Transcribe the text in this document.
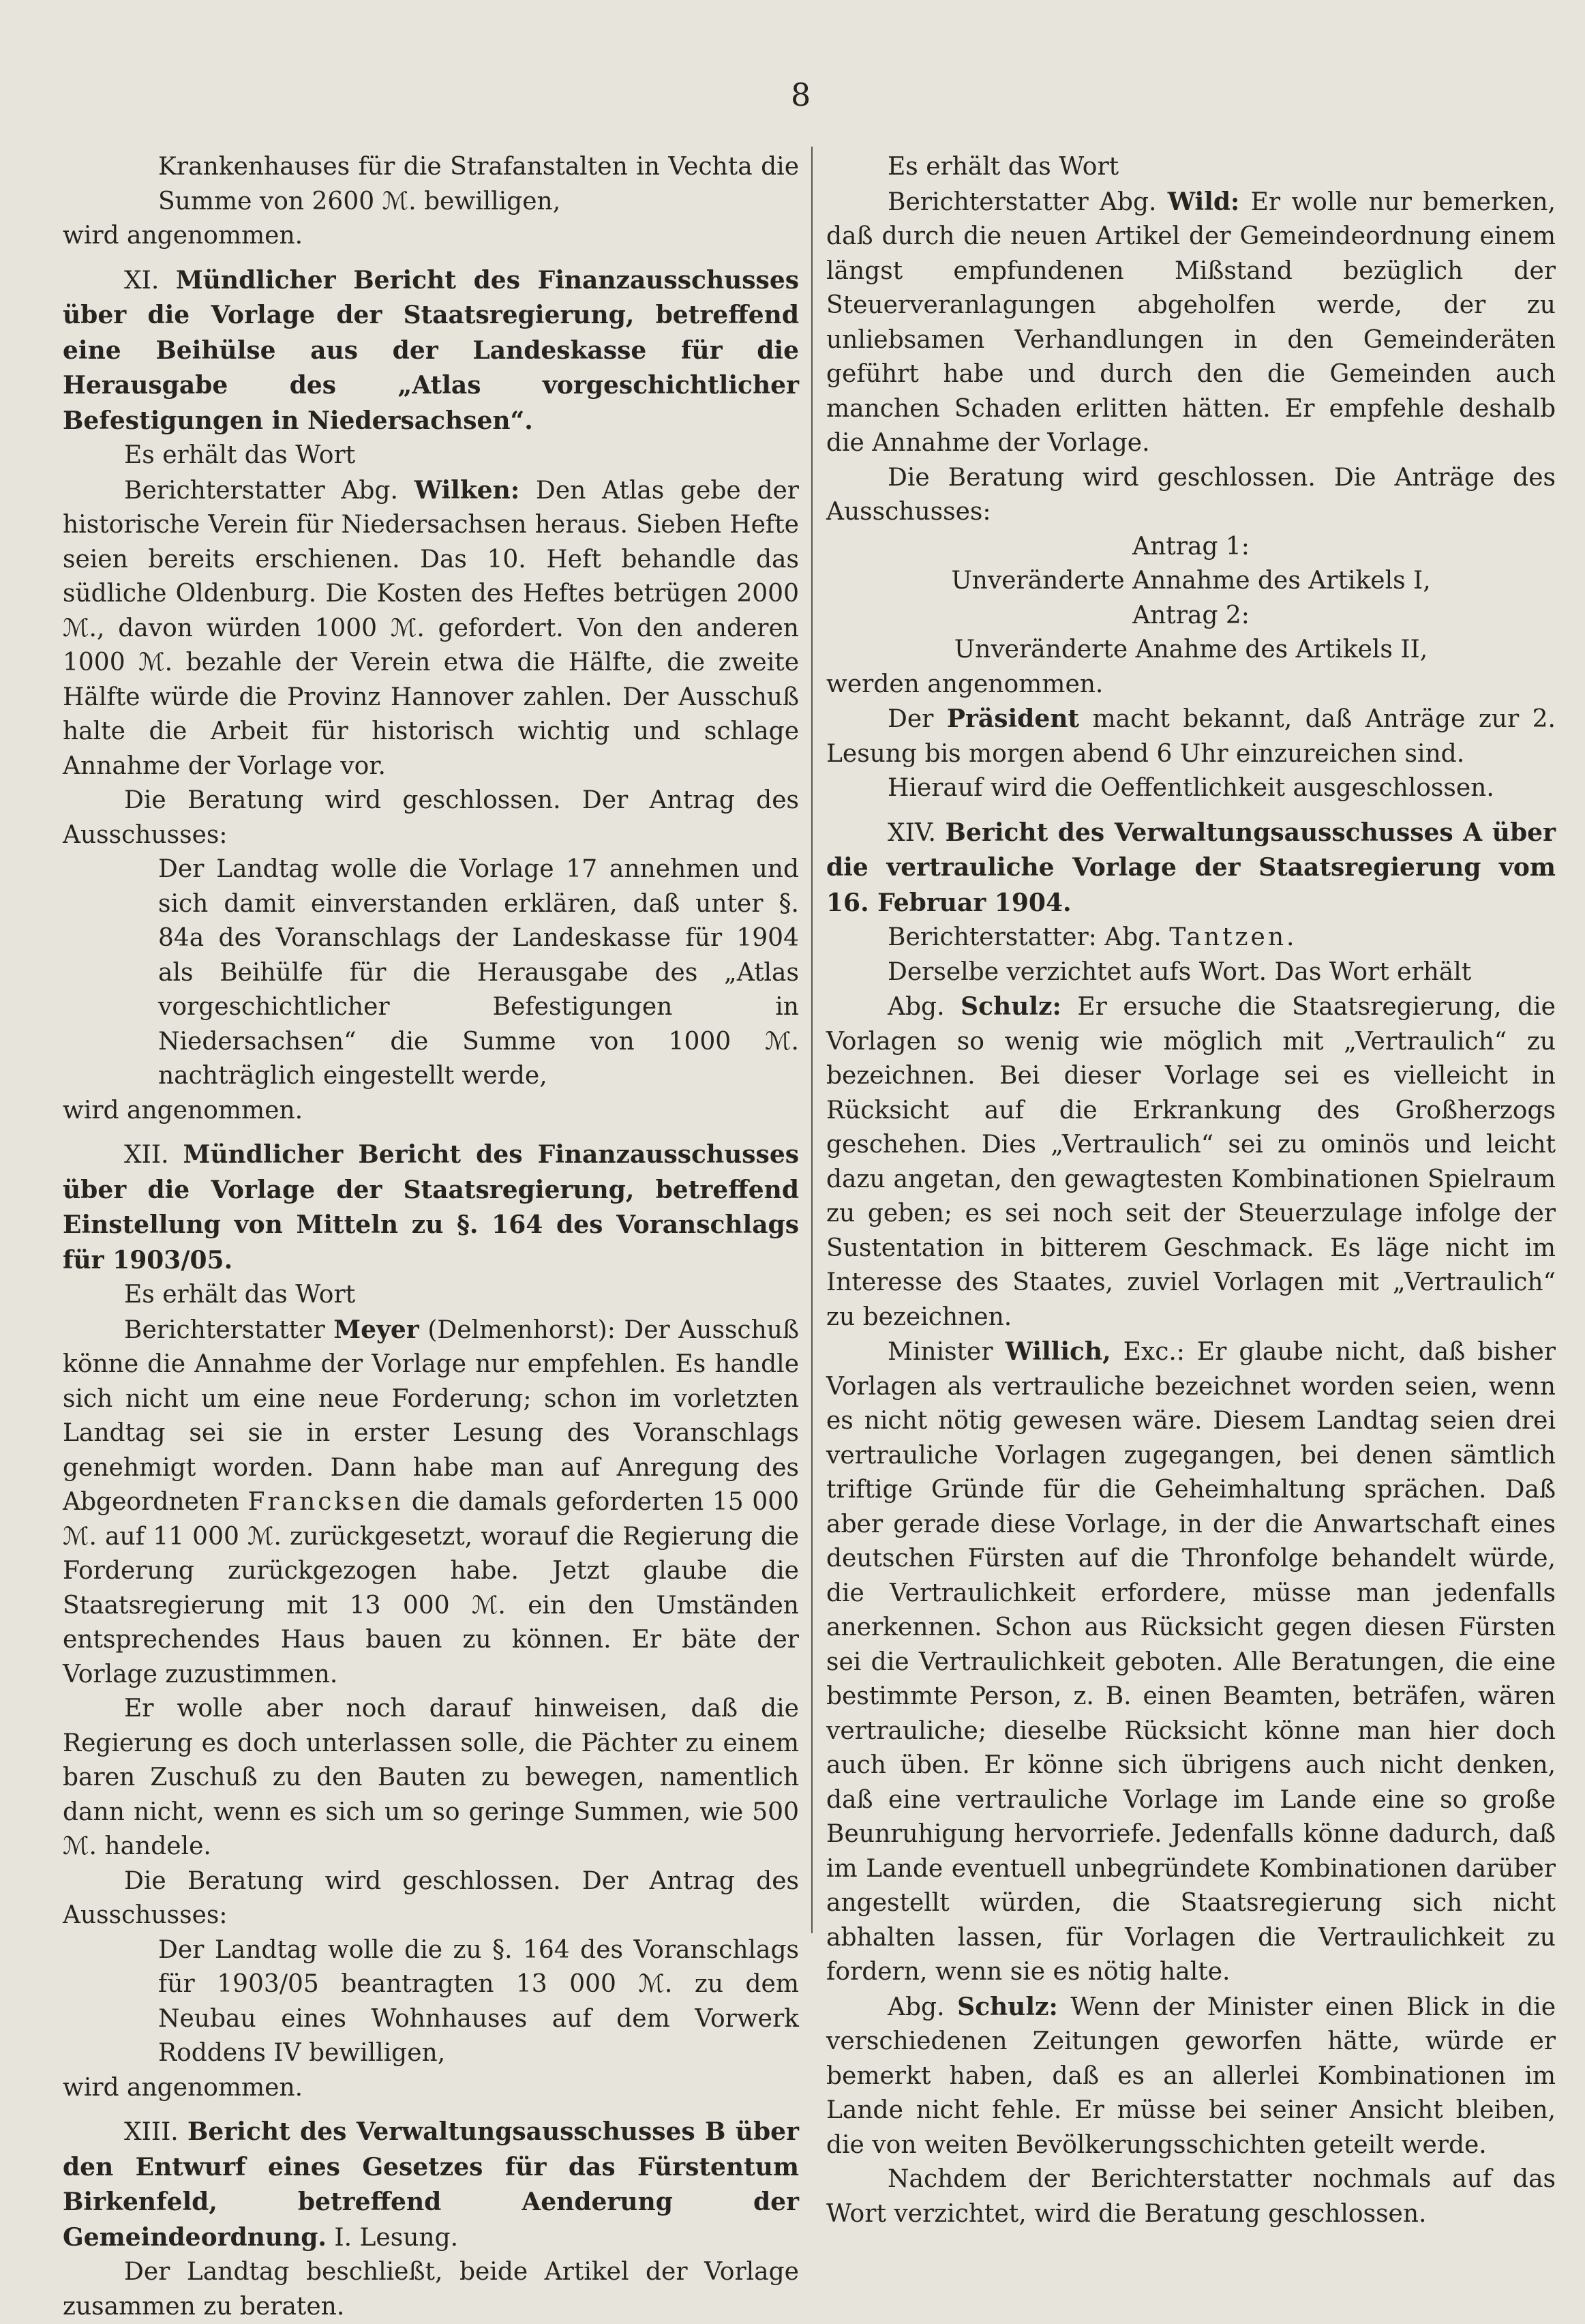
8

Krankenhauses für die Strafanstalten in Vechta die Summe von 2600 ℳ. bewilligen,

wird angenommen.

XI. Mündlicher Bericht des Finanzausschusses über die Vorlage der Staatsregierung, betreffend eine Beihülse aus der Landeskasse für die Herausgabe des „Atlas vorgeschichtlicher Befestigungen in Niedersachsen“.

Es erhält das Wort

Berichterstatter Abg. Wilken: Den Atlas gebe der historische Verein für Niedersachsen heraus. Sieben Hefte seien bereits erschienen. Das 10. Heft behandle das südliche Oldenburg. Die Kosten des Heftes betrügen 2000 ℳ., davon würden 1000 ℳ. gefordert. Von den anderen 1000 ℳ. bezahle der Verein etwa die Hälfte, die zweite Hälfte würde die Provinz Hannover zahlen. Der Ausschuß halte die Arbeit für historisch wichtig und schlage Annahme der Vorlage vor.

Die Beratung wird geschlossen. Der Antrag des Ausschusses:

Der Landtag wolle die Vorlage 17 annehmen und sich damit einverstanden erklären, daß unter §. 84a des Voranschlags der Landeskasse für 1904 als Beihülfe für die Herausgabe des „Atlas vorgeschichtlicher Befestigungen in Niedersachsen“ die Summe von 1000 ℳ. nachträglich eingestellt werde,

wird angenommen.

XII. Mündlicher Bericht des Finanzausschusses über die Vorlage der Staatsregierung, betreffend Einstellung von Mitteln zu §. 164 des Voranschlags für 1903/05.

Es erhält das Wort

Berichterstatter Meyer (Delmenhorst): Der Ausschuß könne die Annahme der Vorlage nur empfehlen. Es handle sich nicht um eine neue Forderung; schon im vorletzten Landtag sei sie in erster Lesung des Voranschlags genehmigt worden. Dann habe man auf Anregung des Abgeordneten Francksen die damals geforderten 15 000 ℳ. auf 11 000 ℳ. zurückgesetzt, worauf die Regierung die Forderung zurückgezogen habe. Jetzt glaube die Staatsregierung mit 13 000 ℳ. ein den Umständen entsprechendes Haus bauen zu können. Er bäte der Vorlage zuzustimmen.

Er wolle aber noch darauf hinweisen, daß die Regierung es doch unterlassen solle, die Pächter zu einem baren Zuschuß zu den Bauten zu bewegen, namentlich dann nicht, wenn es sich um so geringe Summen, wie 500 ℳ. handele.

Die Beratung wird geschlossen. Der Antrag des Ausschusses:

Der Landtag wolle die zu §. 164 des Voranschlags für 1903/05 beantragten 13 000 ℳ. zu dem Neubau eines Wohnhauses auf dem Vorwerk Roddens IV bewilligen,

wird angenommen.

XIII. Bericht des Verwaltungsausschusses B über den Entwurf eines Gesetzes für das Fürstentum Birkenfeld, betreffend Aenderung der Gemeindeordnung. I. Lesung.

Der Landtag beschließt, beide Artikel der Vorlage zusammen zu beraten.

Es erhält das Wort

Berichterstatter Abg. Wild: Er wolle nur bemerken, daß durch die neuen Artikel der Gemeindeordnung einem längst empfundenen Mißstand bezüglich der Steuerveranlagungen abgeholfen werde, der zu unliebsamen Verhandlungen in den Gemeinderäten geführt habe und durch den die Gemeinden auch manchen Schaden erlitten hätten. Er empfehle deshalb die Annahme der Vorlage.

Die Beratung wird geschlossen. Die Anträge des Ausschusses:

Antrag 1:

Unveränderte Annahme des Artikels I,

Antrag 2:

Unveränderte Anahme des Artikels II,

werden angenommen.

Der Präsident macht bekannt, daß Anträge zur 2. Lesung bis morgen abend 6 Uhr einzureichen sind.

Hierauf wird die Oeffentlichkeit ausgeschlossen.

XIV. Bericht des Verwaltungsausschusses A über die vertrauliche Vorlage der Staatsregierung vom 16. Februar 1904.

Berichterstatter: Abg. Tantzen.

Derselbe verzichtet aufs Wort. Das Wort erhält

Abg. Schulz: Er ersuche die Staatsregierung, die Vorlagen so wenig wie möglich mit „Vertraulich“ zu bezeichnen. Bei dieser Vorlage sei es vielleicht in Rücksicht auf die Erkrankung des Großherzogs geschehen. Dies „Vertraulich“ sei zu ominös und leicht dazu angetan, den gewagtesten Kombinationen Spielraum zu geben; es sei noch seit der Steuerzulage infolge der Sustentation in bitterem Geschmack. Es läge nicht im Interesse des Staates, zuviel Vorlagen mit „Vertraulich“ zu bezeichnen.

Minister Willich, Exc.: Er glaube nicht, daß bisher Vorlagen als vertrauliche bezeichnet worden seien, wenn es nicht nötig gewesen wäre. Diesem Landtag seien drei vertrauliche Vorlagen zugegangen, bei denen sämtlich triftige Gründe für die Geheimhaltung sprächen. Daß aber gerade diese Vorlage, in der die Anwartschaft eines deutschen Fürsten auf die Thronfolge behandelt würde, die Vertraulichkeit erfordere, müsse man jedenfalls anerkennen. Schon aus Rücksicht gegen diesen Fürsten sei die Vertraulichkeit geboten. Alle Beratungen, die eine bestimmte Person, z. B. einen Beamten, beträfen, wären vertrauliche; dieselbe Rücksicht könne man hier doch auch üben. Er könne sich übrigens auch nicht denken, daß eine vertrauliche Vorlage im Lande eine so große Beunruhigung hervorriefe. Jedenfalls könne dadurch, daß im Lande eventuell unbegründete Kombinationen darüber angestellt würden, die Staatsregierung sich nicht abhalten lassen, für Vorlagen die Vertraulichkeit zu fordern, wenn sie es nötig halte.

Abg. Schulz: Wenn der Minister einen Blick in die verschiedenen Zeitungen geworfen hätte, würde er bemerkt haben, daß es an allerlei Kombinationen im Lande nicht fehle. Er müsse bei seiner Ansicht bleiben, die von weiten Bevölkerungsschichten geteilt werde.

Nachdem der Berichterstatter nochmals auf das Wort verzichtet, wird die Beratung geschlossen.
